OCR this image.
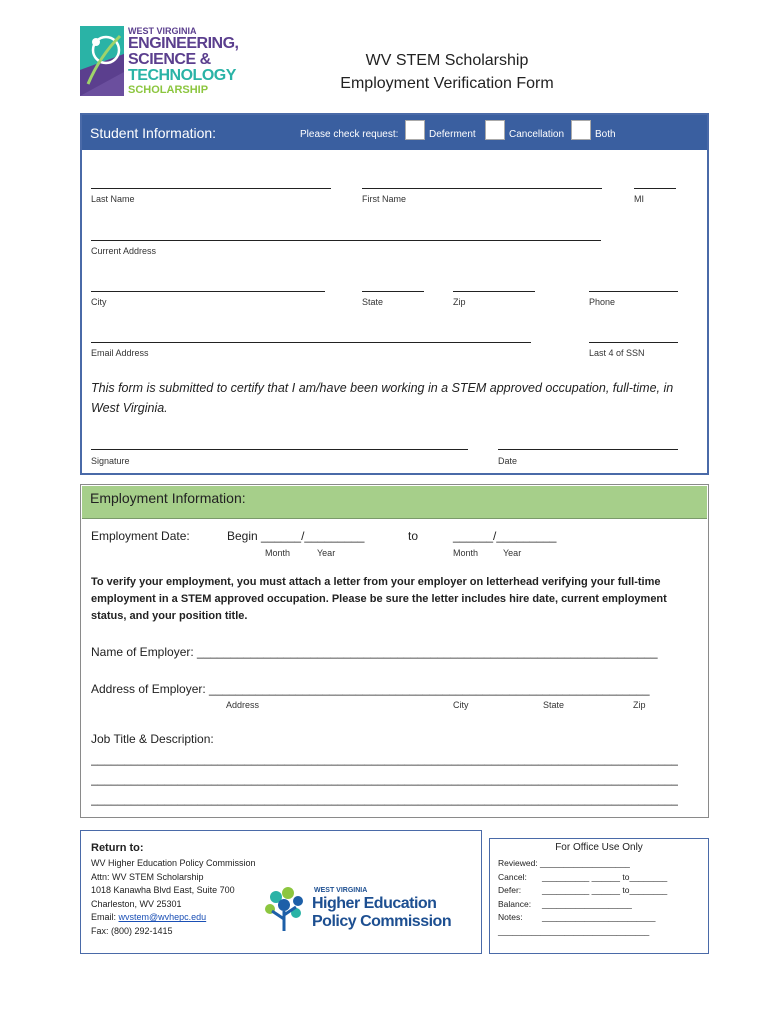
WEST VIRGINIA
ENGINEERING,
SCIENCE &
TECHNOLOGY
SCHOLARSHIP
WV STEM Scholarship
Employment Verification Form
Student Information:	Please check request:	Deferment	Cancellation	Both
Last Name	First Name	MI
Current Address
City	State	Zip	Phone
Email Address	Last 4 of SSN
This form is submitted to certify that I am/have been working in a STEM approved occupation, full-time, in West Virginia.
Signature	Date
Employment Information:
Employment Date:	Begin ______/_________	to	______/_________
Month	Year	Month	Year
To verify your employment, you must attach a letter from your employer on letterhead verifying your full-time employment in a STEM approved occupation. Please be sure the letter includes hire date, current employment status, and your position title.
Name of Employer: _____________________________________________________________________
Address of Employer: __________________________________________________________________
Address	City	State	Zip
Job Title & Description:
________________________________________________________________________________________
________________________________________________________________________________________
________________________________________________________________________________________
Return to:
WV Higher Education Policy Commission
Attn: WV STEM Scholarship
1018 Kanawha Blvd East, Suite 700
Charleston, WV 25301
Email: wvstem@wvhepc.edu
Fax: (800) 292-1415
WEST VIRGINIA
Higher Education
Policy Commission
For Office Use Only
Reviewed: ___________________
Cancel: __________ ______ to________
Defer: __________ ______ to________
Balance: ___________________
Notes: ________________________
________________________________
